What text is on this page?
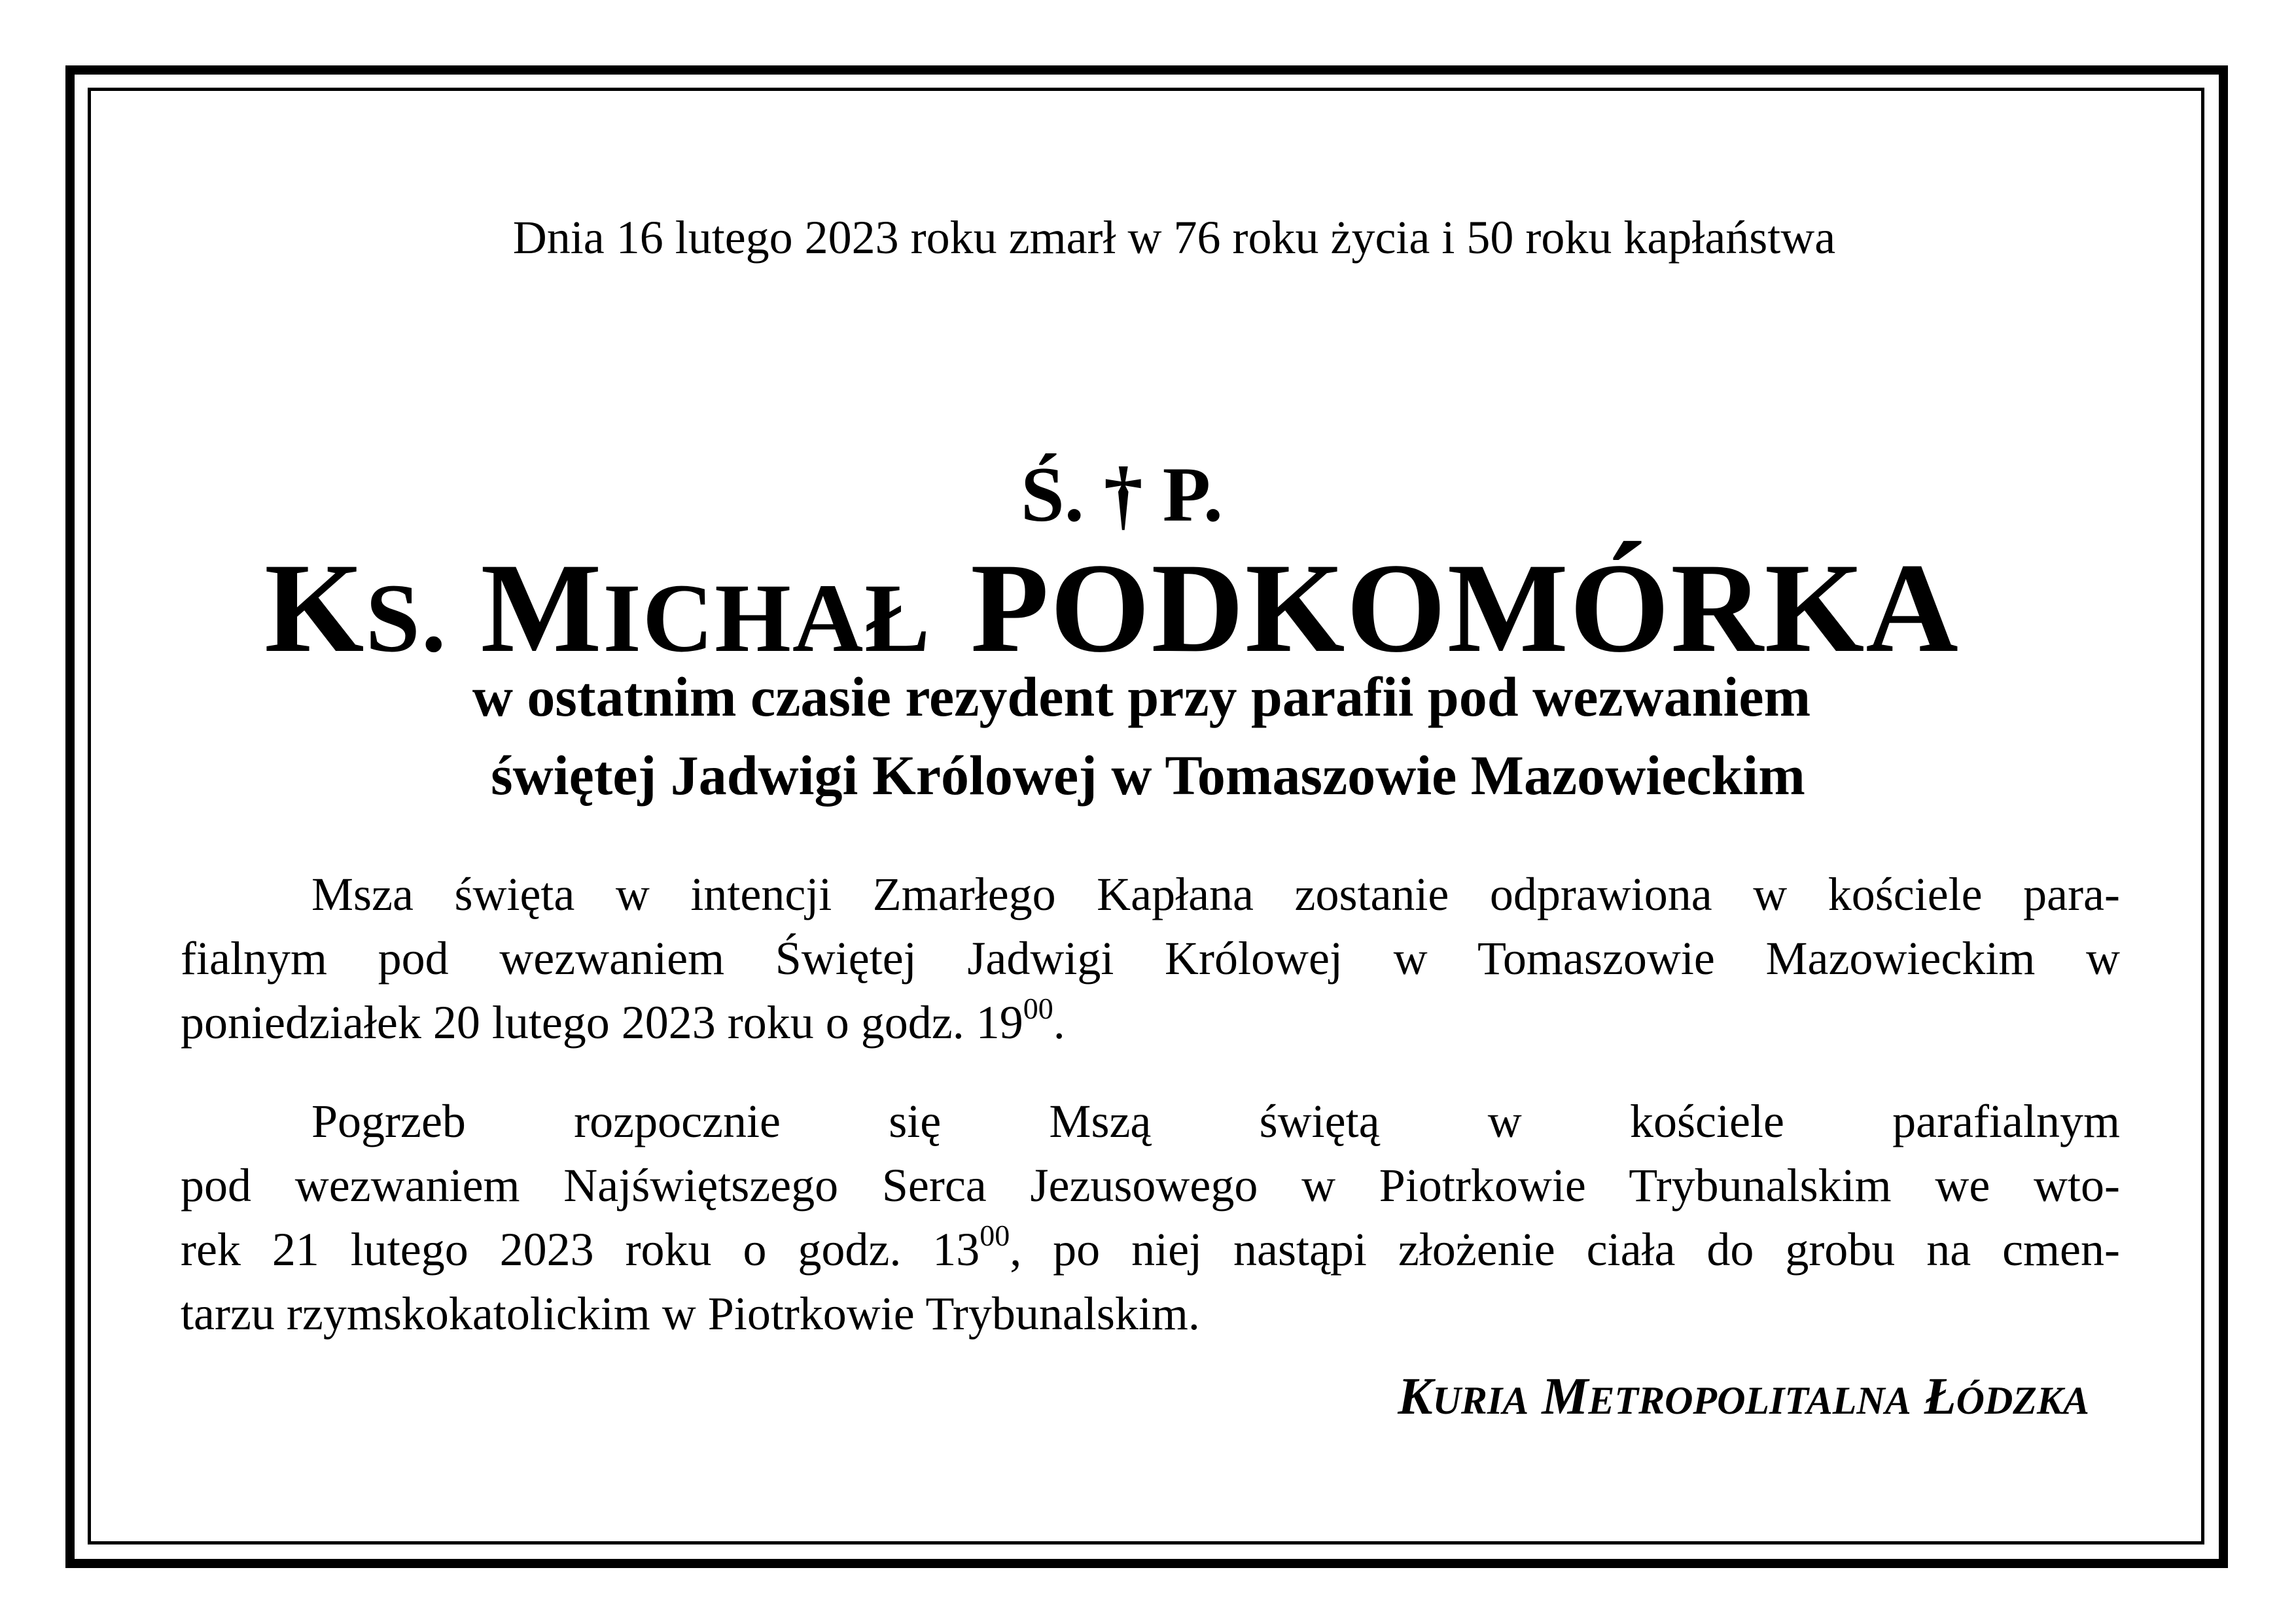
Dnia 16 lutego 2023 roku zmarł w 76 roku życia i 50 roku kapłaństwa
Ś. † P.
KS. MICHAŁ PODKOMÓRKA
w ostatnim czasie rezydent przy parafii pod wezwaniem
świętej Jadwigi Królowej w Tomaszowie Mazowieckim
Msza święta w intencji Zmarłego Kapłana zostanie odprawiona w kościele para-
fialnym pod wezwaniem Świętej Jadwigi Królowej w Tomaszowie Mazowieckim w
poniedziałek 20 lutego 2023 roku o godz. $19^{00}$.
Pogrzeb rozpocznie się Mszą świętą w kościele parafialnym
pod wezwaniem Najświętszego Serca Jezusowego w Piotrkowie Trybunalskim we wto-
rek 21 lutego 2023 roku o godz. $13^{00}$, po niej nastąpi złożenie ciała do grobu na cmen-
tarzu rzymskokatolickim w Piotrkowie Trybunalskim.
KURIA METROPOLITALNA ŁÓDZKA
